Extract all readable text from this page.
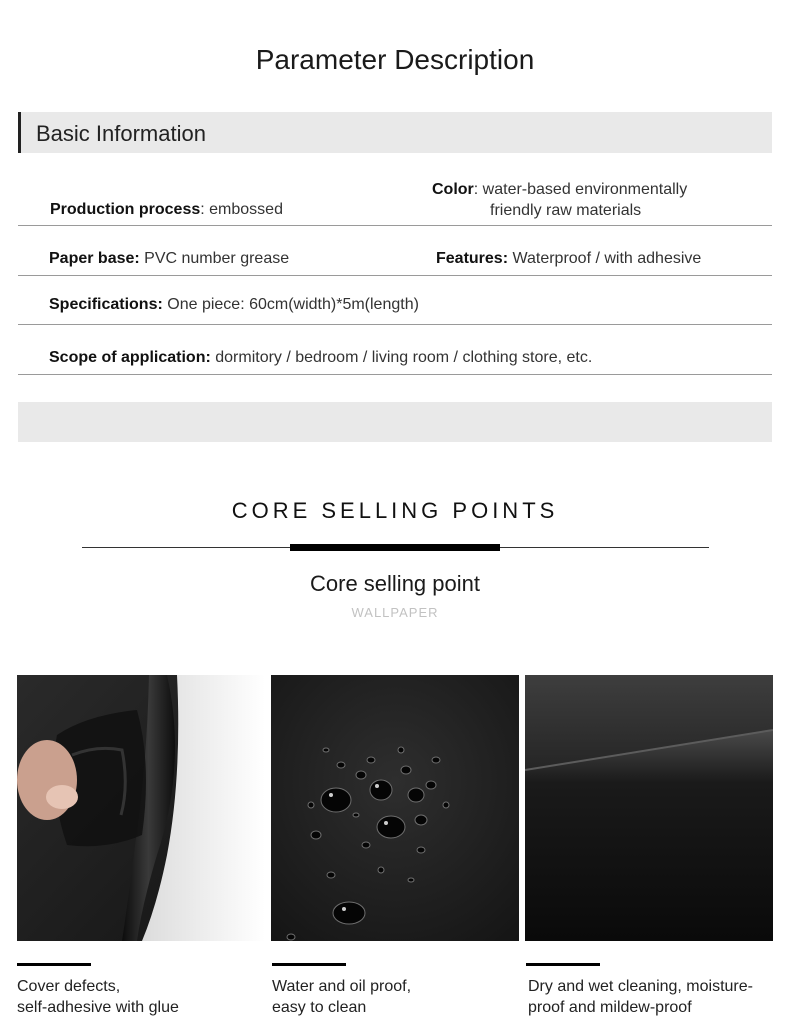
Parameter Description
Basic Information
Production process: embossed
Color: water-based environmentally
friendly raw materials
Paper base: PVC number grease	Features: Waterproof / with adhesive
Specifications: One piece: 60cm(width)*5m(length)
Scope of application: dormitory / bedroom / living room / clothing store, etc.
CORE SELLING POINTS
Core selling point
WALLPAPER
Cover defects,
self-adhesive with glue
Water and oil proof,
easy to clean
Dry and wet cleaning, moisture-
proof and mildew-proof
